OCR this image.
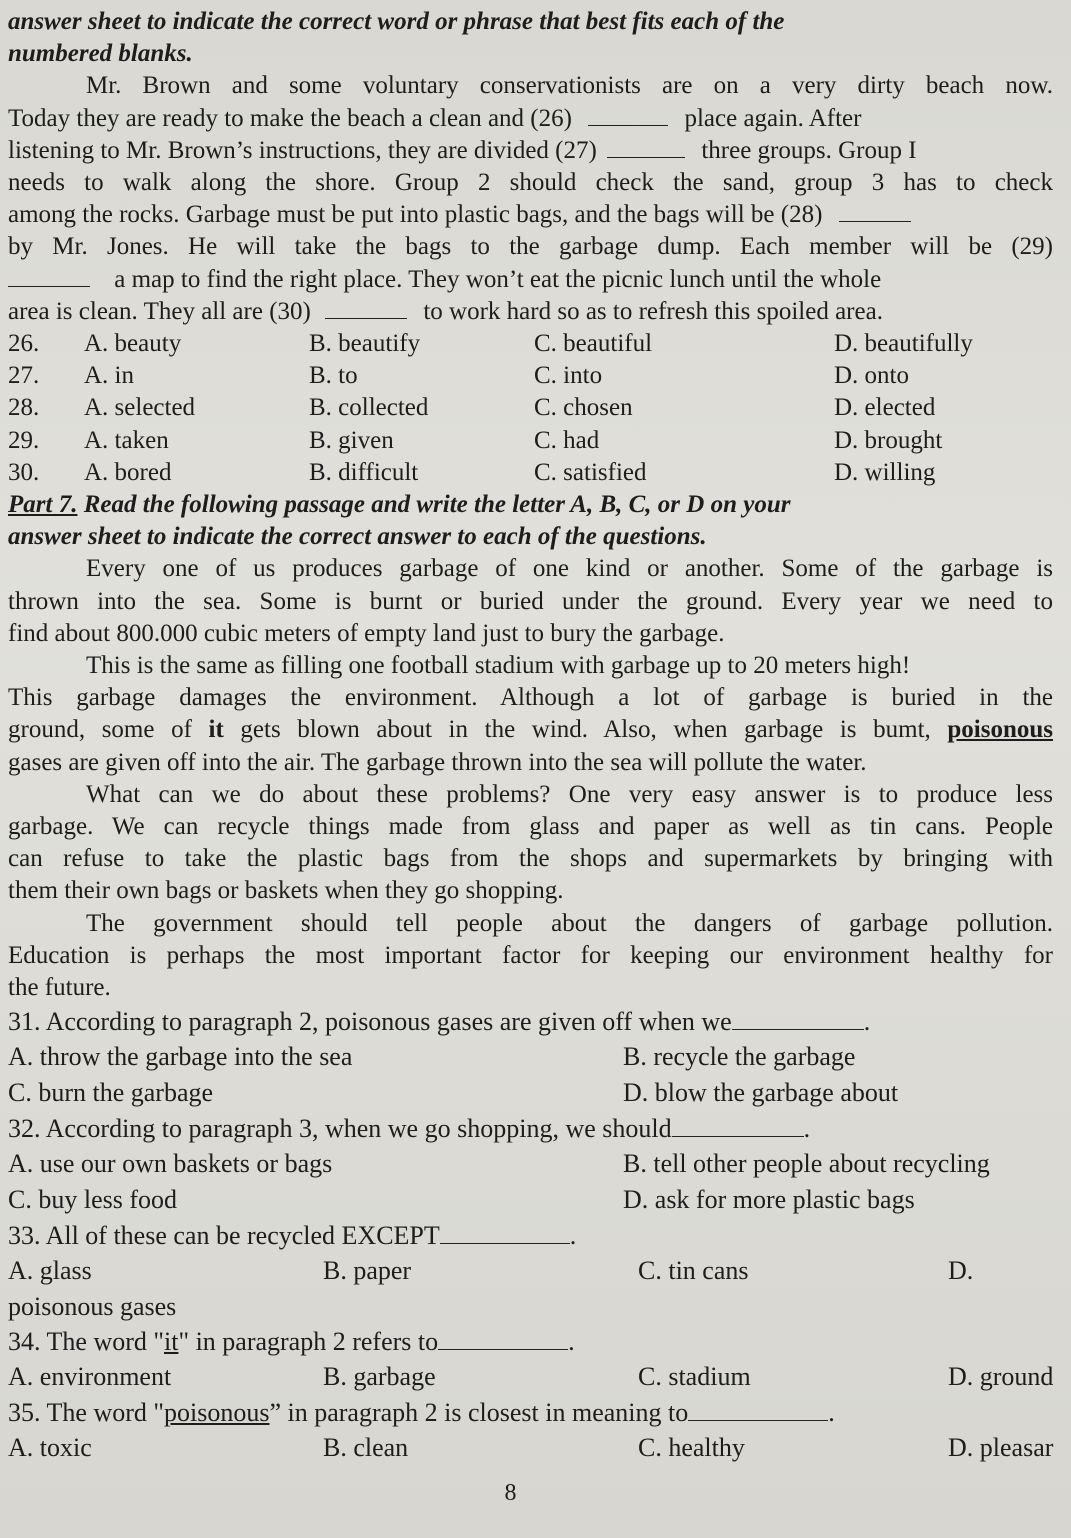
answer sheet to indicate the correct word or phrase that best fits each of the
numbered blanks.
Mr. Brown and some voluntary conservationists are on a very dirty beach now.
Today they are ready to make the beach a clean and (26)	place again. After
listening to Mr. Brown’s instructions, they are divided (27)	three groups. Group I
needs to walk along the shore. Group 2 should check the sand, group 3 has to check
among the rocks. Garbage must be put into plastic bags, and the bags will be (28)
by Mr. Jones. He will take the bags to the garbage dump. Each member will be (29)
a map to find the right place. They won’t eat the picnic lunch until the whole
area is clean. They all are (30)	to work hard so as to refresh this spoiled area.
26.	A. beauty	B. beautify	C. beautiful	D. beautifully
27.	A. in	B. to	C. into	D. onto
28.	A. selected	B. collected	C. chosen	D. elected
29.	A. taken	B. given	C. had	D. brought
30.	A. bored	B. difficult	C. satisfied	D. willing
Part 7. Read the following passage and write the letter A, B, C, or D on your
answer sheet to indicate the correct answer to each of the questions.
Every one of us produces garbage of one kind or another. Some of the garbage is
thrown into the sea. Some is burnt or buried under the ground. Every year we need to
find about 800.000 cubic meters of empty land just to bury the garbage.
This is the same as filling one football stadium with garbage up to 20 meters high!
This garbage damages the environment. Although a lot of garbage is buried in the
ground, some of it gets blown about in the wind. Also, when garbage is bumt, poisonous
gases are given off into the air. The garbage thrown into the sea will pollute the water.
What can we do about these problems? One very easy answer is to produce less
garbage. We can recycle things made from glass and paper as well as tin cans. People
can refuse to take the plastic bags from the shops and supermarkets by bringing with
them their own bags or baskets when they go shopping.
The government should tell people about the dangers of garbage pollution.
Education is perhaps the most important factor for keeping our environment healthy for
the future.
31. According to paragraph 2, poisonous gases are given off when we	.
A. throw the garbage into the sea	B. recycle the garbage
C. burn the garbage	D. blow the garbage about
32. According to paragraph 3, when we go shopping, we should	.
A. use our own baskets or bags	B. tell other people about recycling
C. buy less food	D. ask for more plastic bags
33. All of these can be recycled EXCEPT	.
A. glass	B. paper	C. tin cans	D.
poisonous gases
34. The word "it" in paragraph 2 refers to	.
A. environment	B. garbage	C. stadium	D. ground
35. The word "poisonous” in paragraph 2 is closest in meaning to	.
A. toxic	B. clean	C. healthy	D. pleasar
8
